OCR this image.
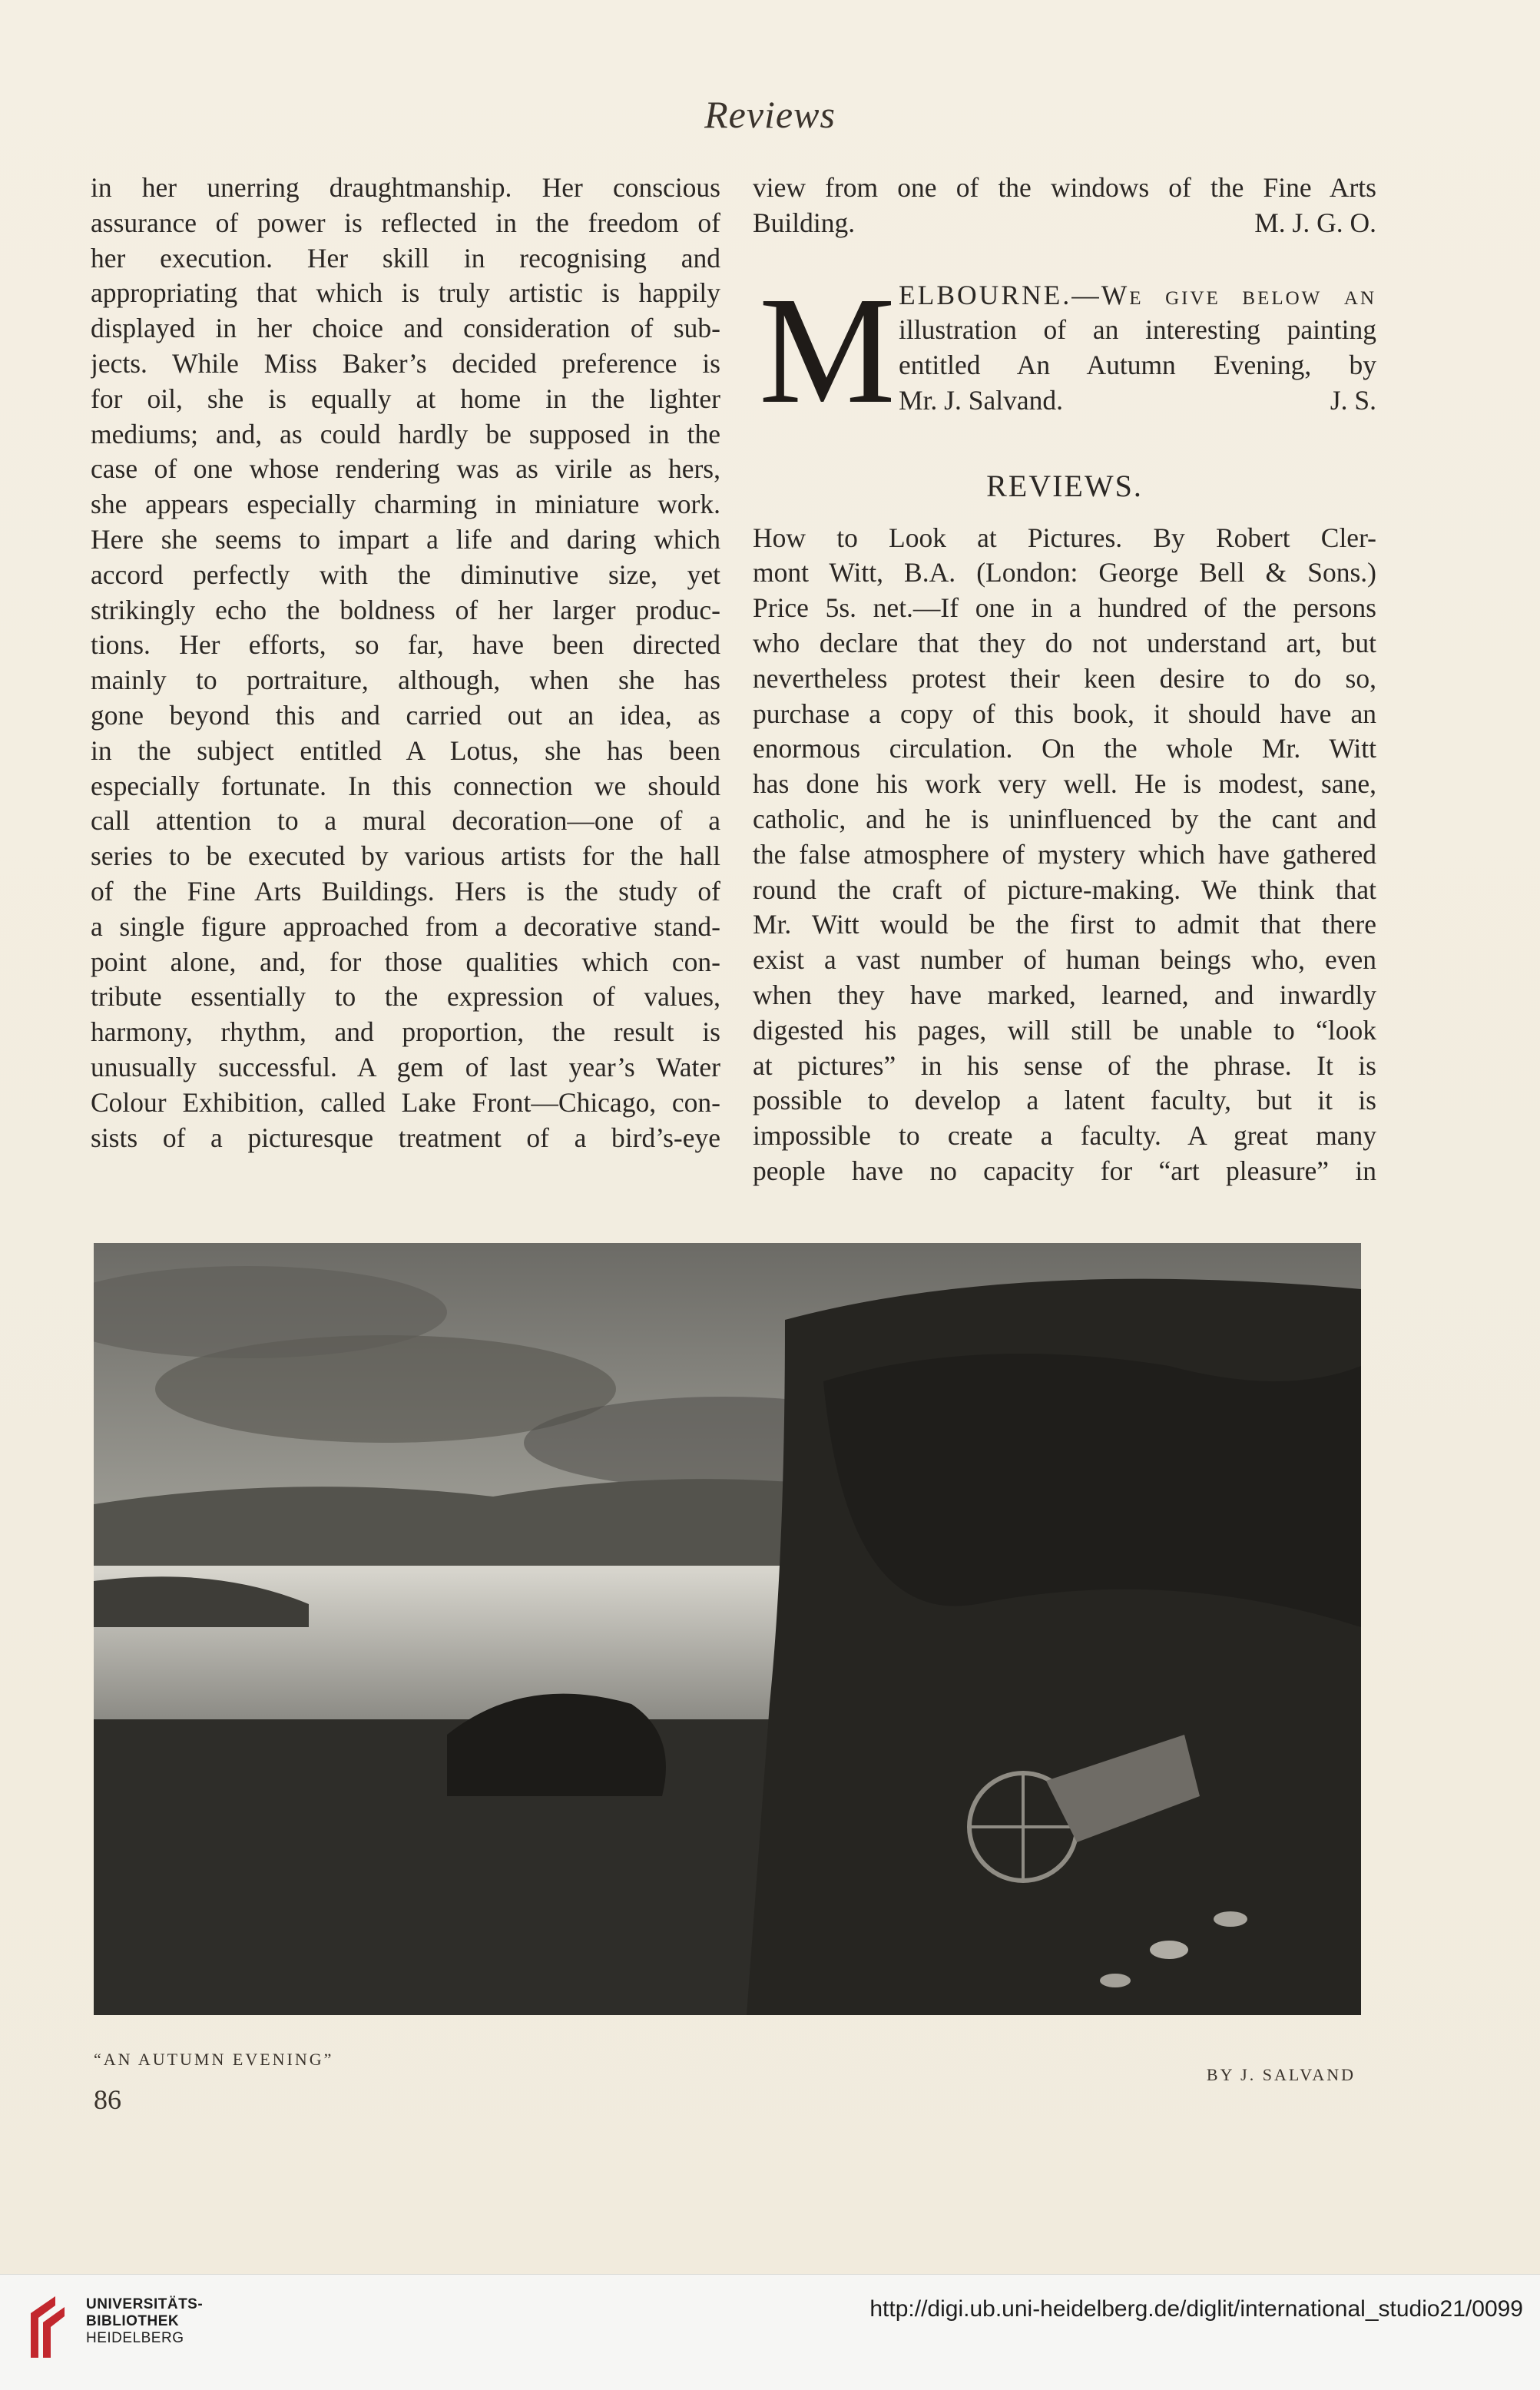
Reviews
in her unerring draughtmanship. Her conscious
assurance of power is reflected in the freedom of
her execution. Her skill in recognising and
appropriating that which is truly artistic is happily
displayed in her choice and consideration of sub-
jects. While Miss Baker’s decided preference is
for oil, she is equally at home in the lighter
mediums; and, as could hardly be supposed in the
case of one whose rendering was as virile as hers,
she appears especially charming in miniature work.
Here she seems to impart a life and daring which
accord perfectly with the diminutive size, yet
strikingly echo the boldness of her larger produc-
tions. Her efforts, so far, have been directed
mainly to portraiture, although, when she has
gone beyond this and carried out an idea, as
in the subject entitled A Lotus, she has been
especially fortunate. In this connection we should
call attention to a mural decoration—one of a
series to be executed by various artists for the hall
of the Fine Arts Buildings. Hers is the study of
a single figure approached from a decorative stand-
point alone, and, for those qualities which con-
tribute essentially to the expression of values,
harmony, rhythm, and proportion, the result is
unusually successful. A gem of last year’s Water
Colour Exhibition, called Lake Front—Chicago, con-
sists of a picturesque treatment of a bird’s-eye
view from one of the windows of the Fine Arts
Building.	M. J. G. O.
M ELBOURNE.—We give below an
illustration of an interesting painting
entitled An Autumn Evening, by
Mr. J. Salvand.	J. S.
REVIEWS.
How to Look at Pictures. By Robert Cler-
mont Witt, B.A. (London: George Bell & Sons.)
Price 5s. net.—If one in a hundred of the persons
who declare that they do not understand art, but
nevertheless protest their keen desire to do so,
purchase a copy of this book, it should have an
enormous circulation. On the whole Mr. Witt
has done his work very well. He is modest, sane,
catholic, and he is uninfluenced by the cant and
the false atmosphere of mystery which have gathered
round the craft of picture-making. We think that
Mr. Witt would be the first to admit that there
exist a vast number of human beings who, even
when they have marked, learned, and inwardly
digested his pages, will still be unable to “look
at pictures” in his sense of the phrase. It is
possible to develop a latent faculty, but it is
impossible to create a faculty. A great many
people have no capacity for “art pleasure” in
“AN AUTUMN EVENING”
BY J. SALVAND
86
UNIVERSITÄTS-
BIBLIOTHEK
HEIDELBERG
http://digi.ub.uni-heidelberg.de/diglit/international_studio21/0099
